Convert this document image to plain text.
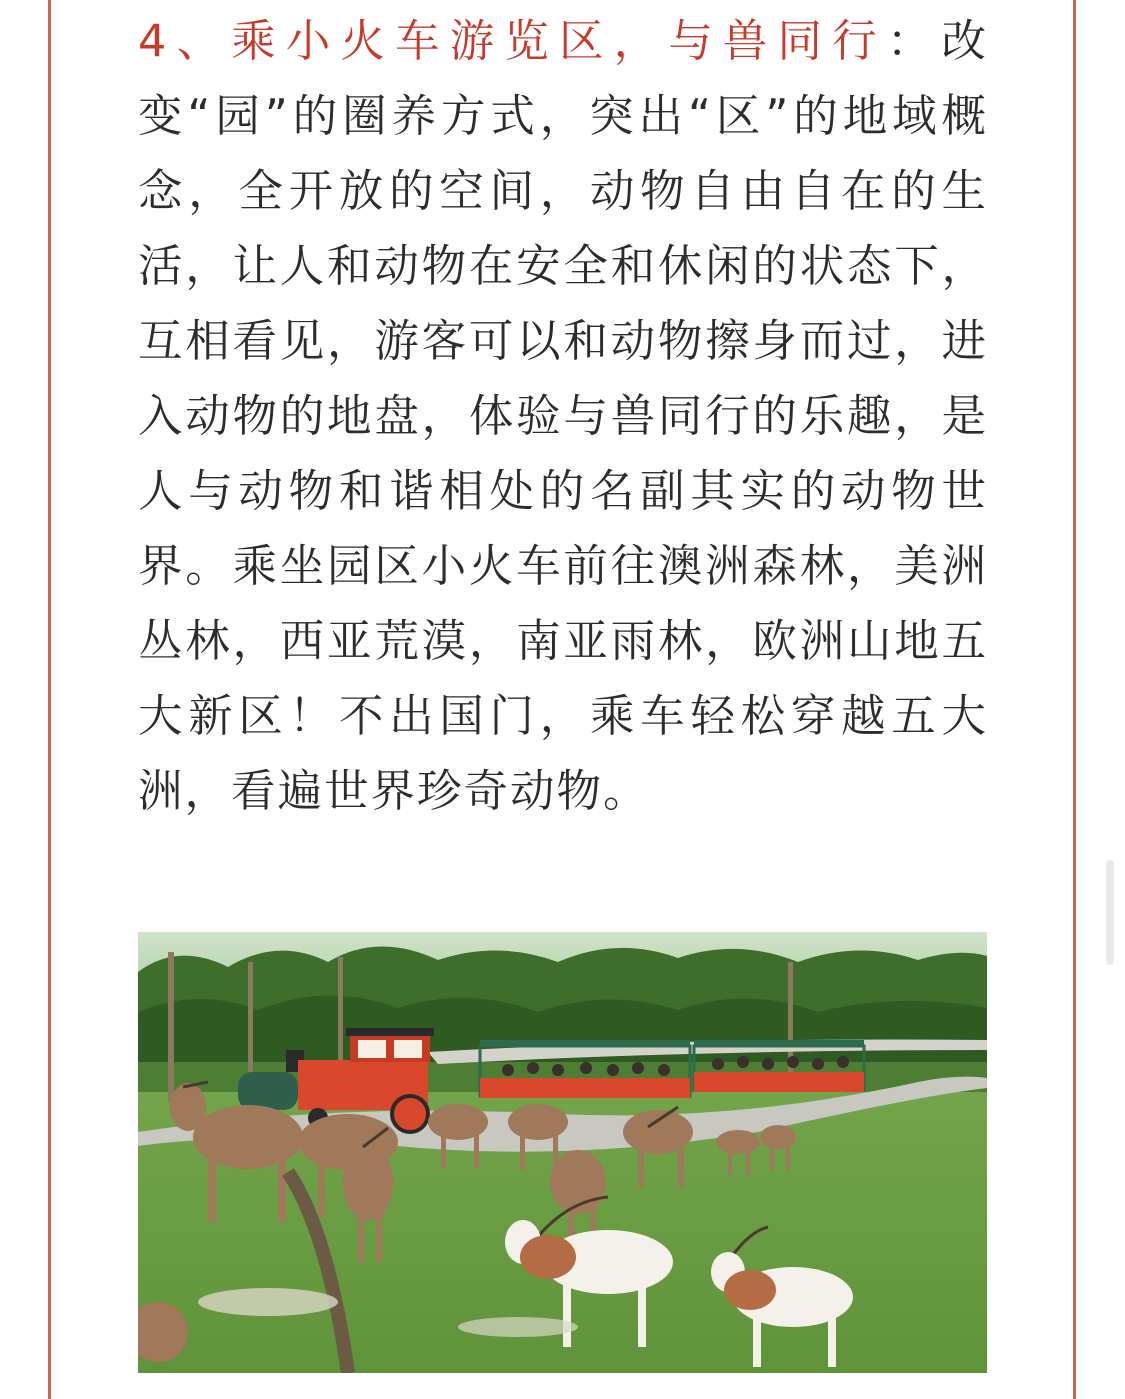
4、乘小火车游览区，与兽同行：改变“园”的圈养方式，突出“区”的地域概念，全开放的空间，动物自由自在的生活，让人和动物在安全和休闲的状态下，互相看见，游客可以和动物擦身而过，进入动物的地盘，体验与兽同行的乐趣，是人与动物和谐相处的名副其实的动物世界。乘坐园区小火车前往澳洲森林，美洲丛林，西亚荒漠，南亚雨林，欧洲山地五大新区！不出国门，乘车轻松穿越五大洲，看遍世界珍奇动物。
